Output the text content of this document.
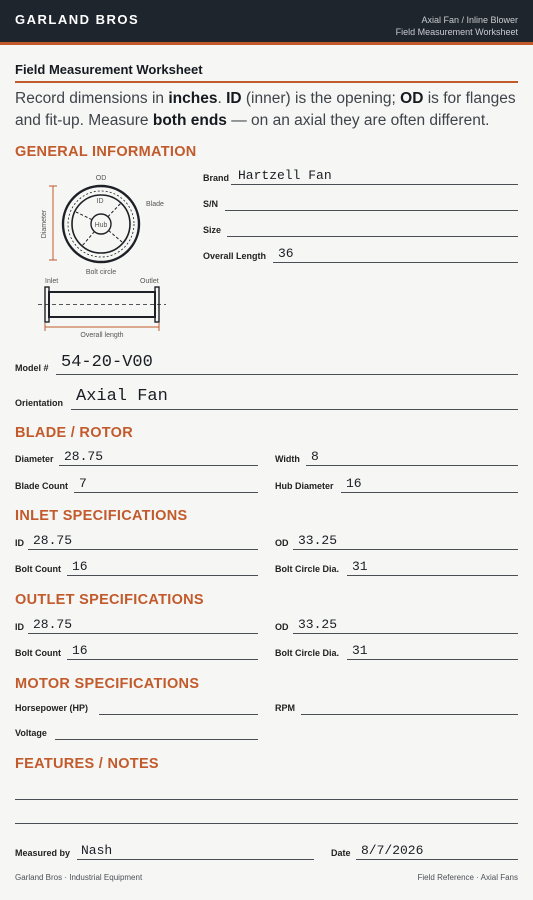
GARLAND BROS	Axial Fan / Inline Blower
Field Measurement Worksheet
Field Measurement Worksheet
Record dimensions in inches. ID (inner) is the opening; OD is for flanges and fit-up. Measure both ends — on an axial they are often different.
GENERAL INFORMATION
Diameter	Hub
OD
ID	Blade
Bolt circle
Inlet	Outlet
Overall length
Brand Hartzell Fan
S/N
Size
Overall Length 36
Model # 54-20-V00
Orientation Axial Fan
BLADE / ROTOR
Diameter 28.75	Width 8
Blade Count 7	Hub Diameter 16
INLET SPECIFICATIONS
ID 28.75	OD 33.25
Bolt Count 16	Bolt Circle Dia. 31
OUTLET SPECIFICATIONS
ID 28.75	OD 33.25
Bolt Count 16	Bolt Circle Dia. 31
MOTOR SPECIFICATIONS
Horsepower (HP)	RPM
Voltage
FEATURES / NOTES
Measured by Nash	Date 8/7/2026
Garland Bros · Industrial Equipment	Field Reference · Axial Fans
